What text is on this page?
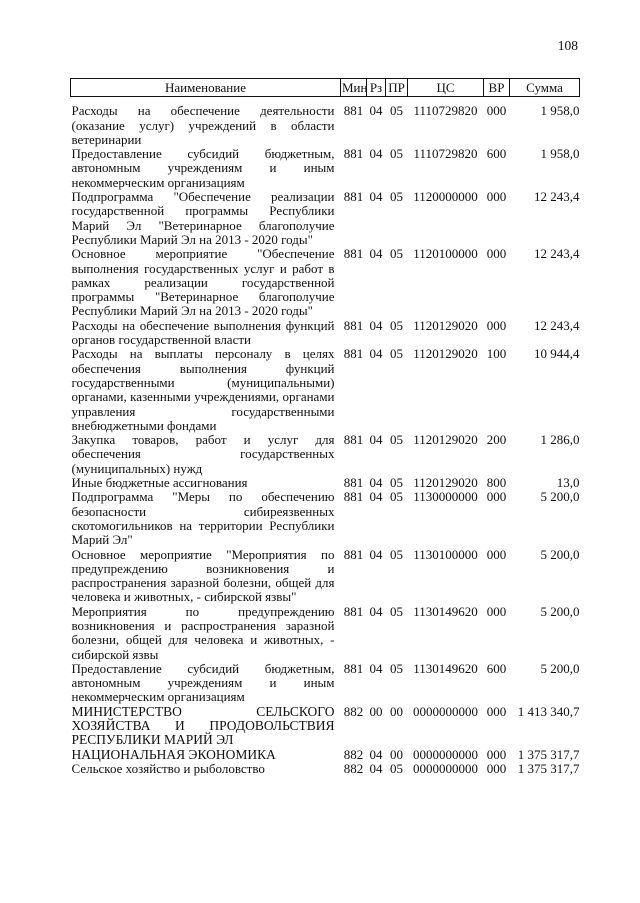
108
Наименование	Мин	Рз	ПР	ЦС	ВР	Сумма
Расходы на обеспечение деятельности (оказание услуг) учреждений в области ветеринарии	881	04	05	1110729820	000	1 958,0
Предоставление субсидий бюджетным, автономным учреждениям и иным некоммерческим организациям	881	04	05	1110729820	600	1 958,0
Подпрограмма "Обеспечение реализации государственной программы Республики Марий Эл "Ветеринарное благополучие Республики Марий Эл на 2013 - 2020 годы"	881	04	05	1120000000	000	12 243,4
Основное мероприятие "Обеспечение выполнения государственных услуг и работ в рамках реализации государственной программы "Ветеринарное благополучие Республики Марий Эл на 2013 - 2020 годы"	881	04	05	1120100000	000	12 243,4
Расходы на обеспечение выполнения функций органов государственной власти	881	04	05	1120129020	000	12 243,4
Расходы на выплаты персоналу в целях обеспечения выполнения функций государственными (муниципальными) органами, казенными учреждениями, органами управления государственными внебюджетными фондами	881	04	05	1120129020	100	10 944,4
Закупка товаров, работ и услуг для обеспечения государственных (муниципальных) нужд	881	04	05	1120129020	200	1 286,0
Иные бюджетные ассигнования	881	04	05	1120129020	800	13,0
Подпрограмма "Меры по обеспечению безопасности сибиреязвенных скотомогильников на территории Республики Марий Эл"	881	04	05	1130000000	000	5 200,0
Основное мероприятие "Мероприятия по предупреждению возникновения и распространения заразной болезни, общей для человека и животных, - сибирской язвы"	881	04	05	1130100000	000	5 200,0
Мероприятия по предупреждению возникновения и распространения заразной болезни, общей для человека и животных, - сибирской язвы	881	04	05	1130149620	000	5 200,0
Предоставление субсидий бюджетным, автономным учреждениям и иным некоммерческим организациям	881	04	05	1130149620	600	5 200,0
МИНИСТЕРСТВО СЕЛЬСКОГО ХОЗЯЙСТВА И ПРОДОВОЛЬСТВИЯ РЕСПУБЛИКИ МАРИЙ ЭЛ	882	00	00	0000000000	000	1 413 340,7
НАЦИОНАЛЬНАЯ ЭКОНОМИКА	882	04	00	0000000000	000	1 375 317,7
Сельское хозяйство и рыболовство	882	04	05	0000000000	000	1 375 317,7
